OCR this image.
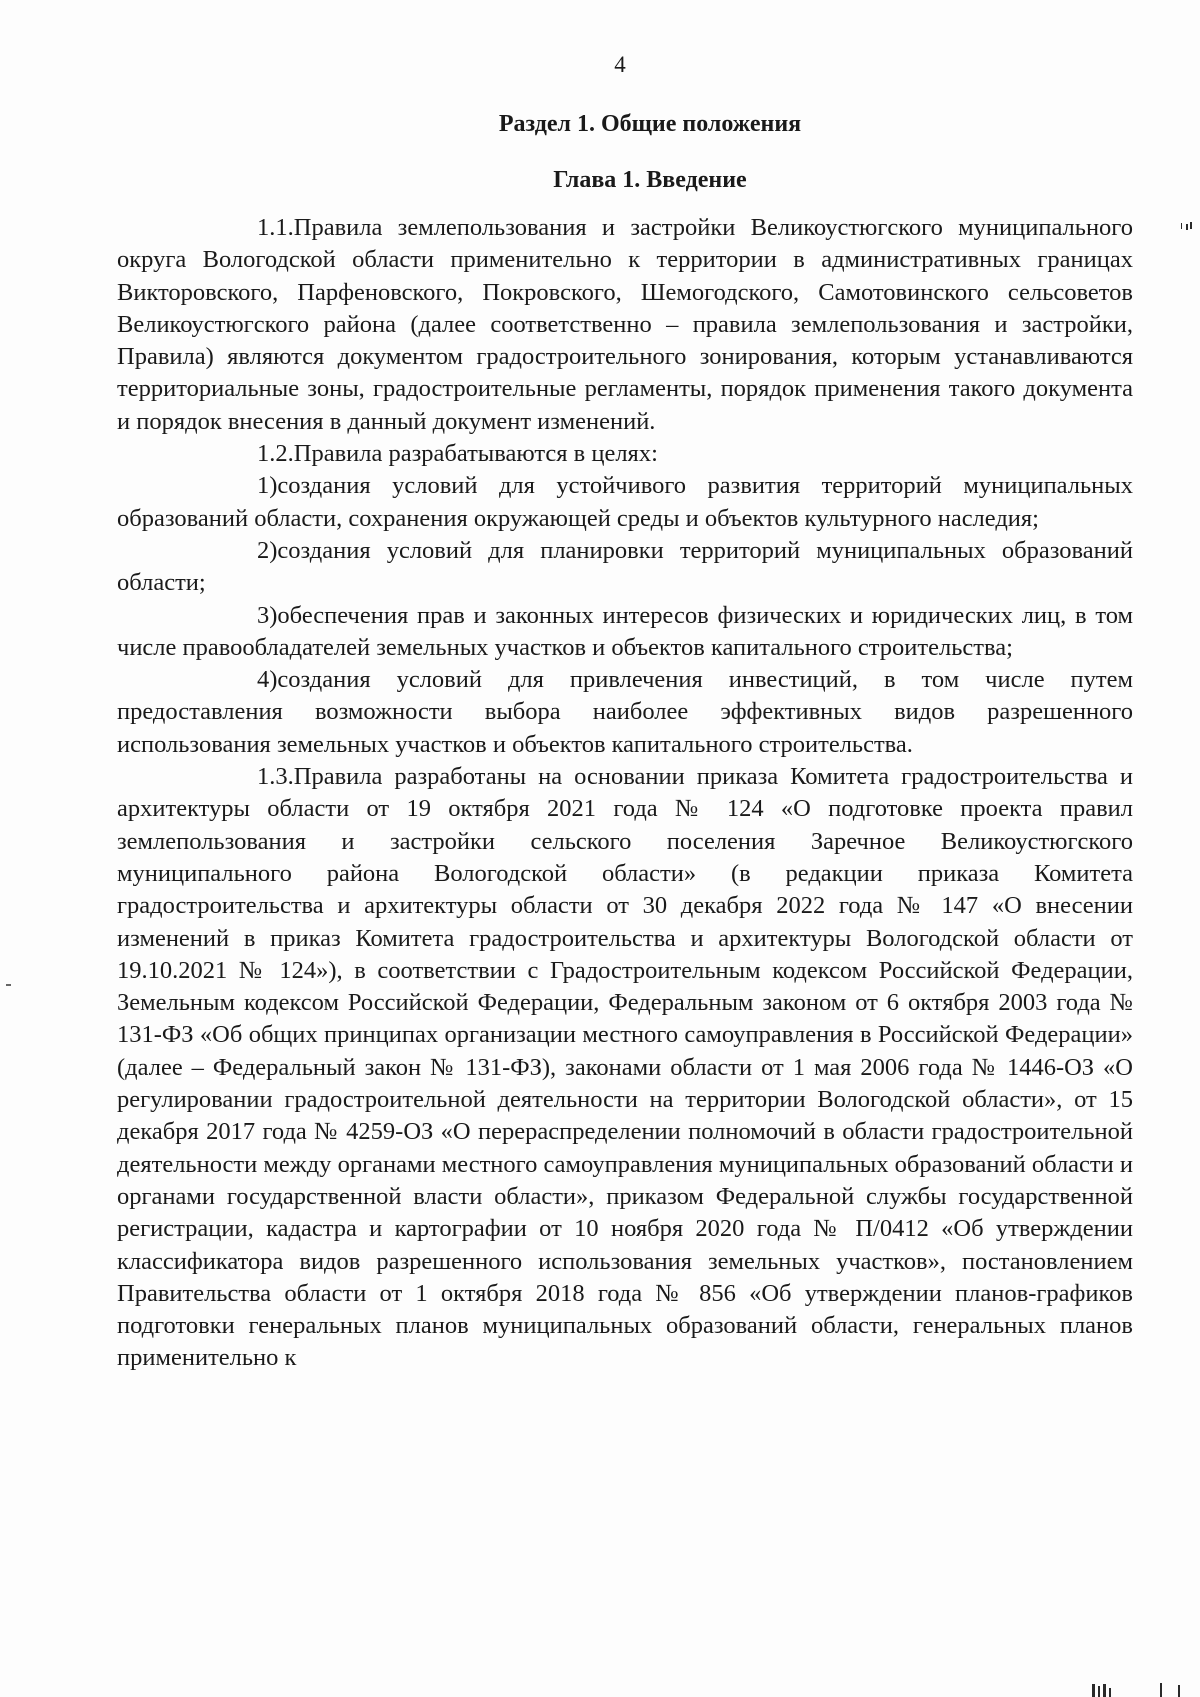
4
Раздел 1. Общие положения
Глава 1. Введение

1.1.Правила землепользования и застройки Великоустюгского муниципального округа Вологодской области применительно к территории в административных границах Викторовского, Парфеновского, Покровского, Шемогодского, Самотовинского сельсоветов Великоустюгского района (далее соответственно – правила землепользования и застройки, Правила) являются документом градостроительного зонирования, которым устанавливаются территориальные зоны, градостроительные регламенты, порядок применения такого документа и порядок внесения в данный документ изменений.

1.2.Правила разрабатываются в целях:

1)создания условий для устойчивого развития территорий муниципальных образований области, сохранения окружающей среды и объектов культурного наследия;

2)создания условий для планировки территорий муниципальных образований области;

3)обеспечения прав и законных интересов физических и юридических лиц, в том числе правообладателей земельных участков и объектов капитального строительства;

4)создания условий для привлечения инвестиций, в том числе путем предоставления возможности выбора наиболее эффективных видов разрешенного использования земельных участков и объектов капитального строительства.

1.3.Правила разработаны на основании приказа Комитета градостроительства и архитектуры области от 19 октября 2021 года № 124 «О подготовке проекта правил землепользования и застройки сельского поселения Заречное Великоустюгского муниципального района Вологодской области» (в редакции приказа Комитета градостроительства и архитектуры области от 30 декабря 2022 года № 147 «О внесении изменений в приказ Комитета градостроительства и архитектуры Вологодской области от 19.10.2021 № 124»), в соответствии с Градостроительным кодексом Российской Федерации, Земельным кодексом Российской Федерации, Федеральным законом от 6 октября 2003 года № 131-ФЗ «Об общих принципах организации местного самоуправления в Российской Федерации» (далее – Федеральный закон № 131-ФЗ), законами области от 1 мая 2006 года № 1446-ОЗ «О регулировании градостроительной деятельности на территории Вологодской области», от 15 декабря 2017 года № 4259-ОЗ «О перераспределении полномочий в области градостроительной деятельности между органами местного самоуправления муниципальных образований области и органами государственной власти области», приказом Федеральной службы государственной регистрации, кадастра и картографии от 10 ноября 2020 года № П/0412 «Об утверждении классификатора видов разрешенного использования земельных участков», постановлением Правительства области от 1 октября 2018 года № 856 «Об утверждении планов-графиков подготовки генеральных планов муниципальных образований области, генеральных планов применительно к
